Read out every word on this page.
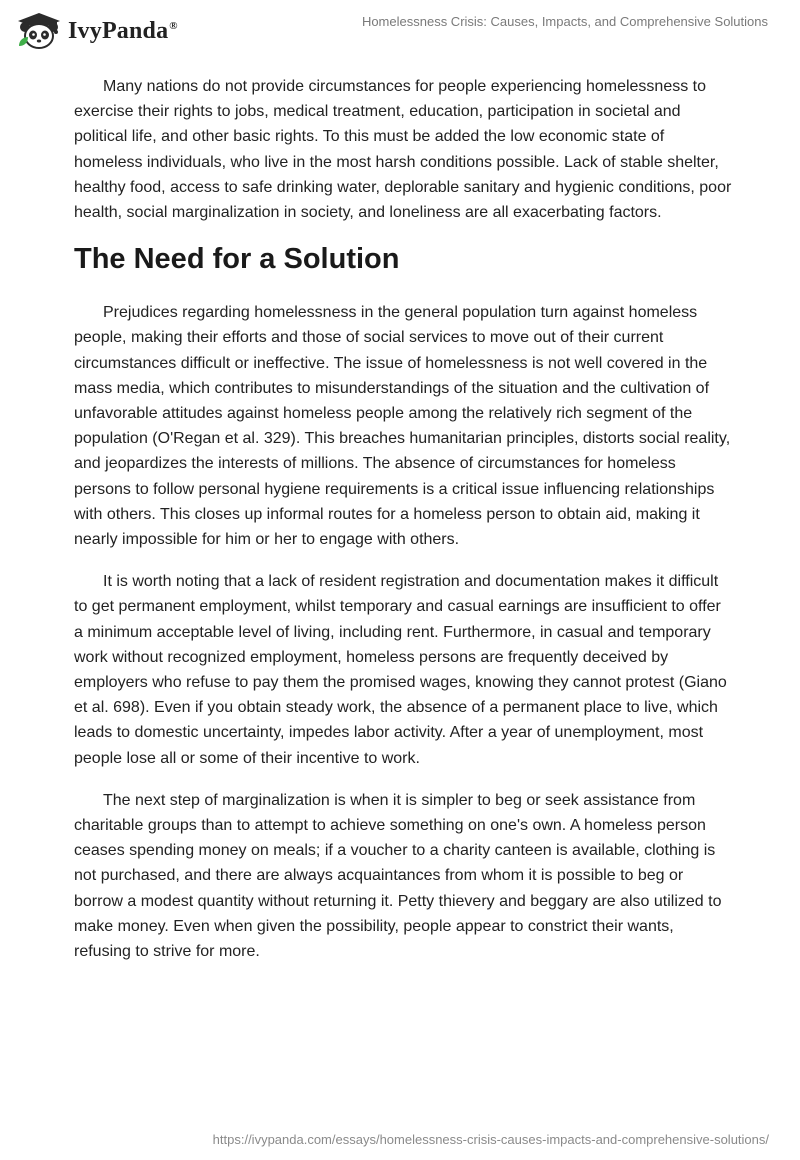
IvyPanda®	Homelessness Crisis: Causes, Impacts, and Comprehensive Solutions

Many nations do not provide circumstances for people experiencing homelessness to exercise their rights to jobs, medical treatment, education, participation in societal and political life, and other basic rights. To this must be added the low economic state of homeless individuals, who live in the most harsh conditions possible. Lack of stable shelter, healthy food, access to safe drinking water, deplorable sanitary and hygienic conditions, poor health, social marginalization in society, and loneliness are all exacerbating factors.

The Need for a Solution

Prejudices regarding homelessness in the general population turn against homeless people, making their efforts and those of social services to move out of their current circumstances difficult or ineffective. The issue of homelessness is not well covered in the mass media, which contributes to misunderstandings of the situation and the cultivation of unfavorable attitudes against homeless people among the relatively rich segment of the population (O'Regan et al. 329). This breaches humanitarian principles, distorts social reality, and jeopardizes the interests of millions. The absence of circumstances for homeless persons to follow personal hygiene requirements is a critical issue influencing relationships with others. This closes up informal routes for a homeless person to obtain aid, making it nearly impossible for him or her to engage with others.

It is worth noting that a lack of resident registration and documentation makes it difficult to get permanent employment, whilst temporary and casual earnings are insufficient to offer a minimum acceptable level of living, including rent. Furthermore, in casual and temporary work without recognized employment, homeless persons are frequently deceived by employers who refuse to pay them the promised wages, knowing they cannot protest (Giano et al. 698). Even if you obtain steady work, the absence of a permanent place to live, which leads to domestic uncertainty, impedes labor activity. After a year of unemployment, most people lose all or some of their incentive to work.

The next step of marginalization is when it is simpler to beg or seek assistance from charitable groups than to attempt to achieve something on one's own. A homeless person ceases spending money on meals; if a voucher to a charity canteen is available, clothing is not purchased, and there are always acquaintances from whom it is possible to beg or borrow a modest quantity without returning it. Petty thievery and beggary are also utilized to make money. Even when given the possibility, people appear to constrict their wants, refusing to strive for more.

https://ivypanda.com/essays/homelessness-crisis-causes-impacts-and-comprehensive-solutions/
